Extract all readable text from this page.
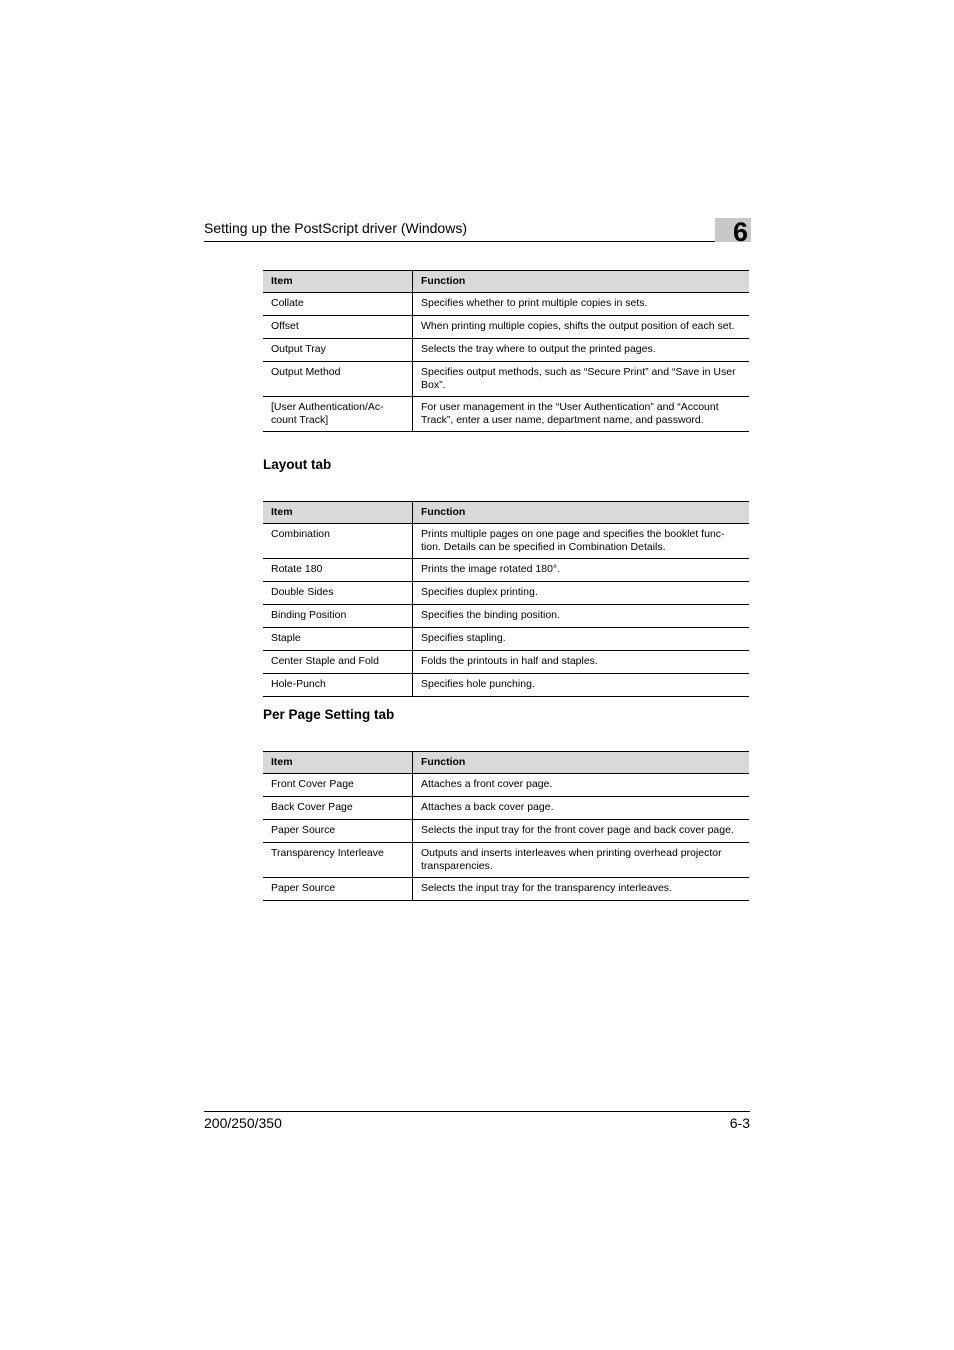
Setting up the PostScript driver (Windows)	6
Item	Function
Collate	Specifies whether to print multiple copies in sets.
Offset	When printing multiple copies, shifts the output position of each set.
Output Tray	Selects the tray where to output the printed pages.
Output Method	Specifies output methods, such as “Secure Print” and “Save in User Box”.
[User Authentication/Ac-count Track]	For user management in the “User Authentication” and “Account Track”, enter a user name, department name, and password.
Layout tab
Item	Function
Combination	Prints multiple pages on one page and specifies the booklet func-tion. Details can be specified in Combination Details.
Rotate 180	Prints the image rotated 180°.
Double Sides	Specifies duplex printing.
Binding Position	Specifies the binding position.
Staple	Specifies stapling.
Center Staple and Fold	Folds the printouts in half and staples.
Hole-Punch	Specifies hole punching.
Per Page Setting tab
Item	Function
Front Cover Page	Attaches a front cover page.
Back Cover Page	Attaches a back cover page.
Paper Source	Selects the input tray for the front cover page and back cover page.
Transparency Interleave	Outputs and inserts interleaves when printing overhead projector transparencies.
Paper Source	Selects the input tray for the transparency interleaves.
200/250/350	6-3
